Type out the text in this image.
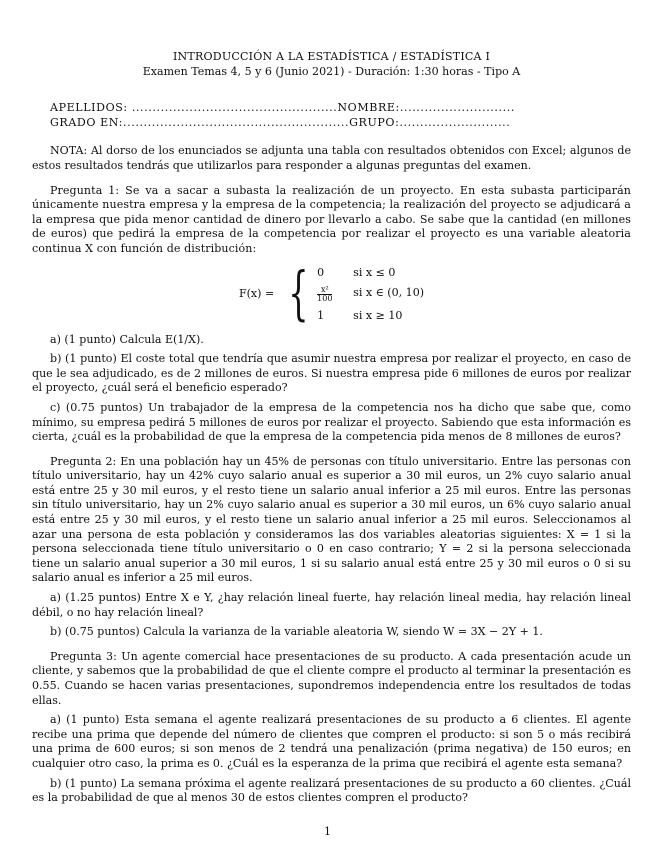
INTRODUCCIÓN A LA ESTADÍSTICA / ESTADÍSTICA I
Examen Temas 4, 5 y 6 (Junio 2021) - Duración: 1:30 horas - Tipo A
APELLIDOS: ..................................................NOMBRE:............................
GRADO EN:.......................................................GRUPO:...........................

NOTA: Al dorso de los enunciados se adjunta una tabla con resultados obtenidos con Excel; algunos de estos resultados tendrás que utilizarlos para responder a algunas preguntas del examen.

Pregunta 1: Se va a sacar a subasta la realización de un proyecto. En esta subasta participarán únicamente nuestra empresa y la empresa de la competencia; la realización del proyecto se adjudicará a la empresa que pida menor cantidad de dinero por llevarlo a cabo. Se sabe que la cantidad (en millones de euros) que pedirá la empresa de la competencia por realizar el proyecto es una variable aleatoria continua X con función de distribución:

F(x) = { 0	si x ≤ 0
$\frac{\text{x²}}{100}$ si x ∈ (0, 10)
1	si x ≥ 10

a) (1 punto) Calcula E(1/X).

b) (1 punto) El coste total que tendría que asumir nuestra empresa por realizar el proyecto, en caso de que le sea adjudicado, es de 2 millones de euros. Si nuestra empresa pide 6 millones de euros por realizar el proyecto, ¿cuál será el beneficio esperado?

c) (0.75 puntos) Un trabajador de la empresa de la competencia nos ha dicho que sabe que, como mínimo, su empresa pedirá 5 millones de euros por realizar el proyecto. Sabiendo que esta información es cierta, ¿cuál es la probabilidad de que la empresa de la competencia pida menos de 8 millones de euros?

Pregunta 2: En una población hay un 45% de personas con título universitario. Entre las personas con título universitario, hay un 42% cuyo salario anual es superior a 30 mil euros, un 2% cuyo salario anual está entre 25 y 30 mil euros, y el resto tiene un salario anual inferior a 25 mil euros. Entre las personas sin título universitario, hay un 2% cuyo salario anual es superior a 30 mil euros, un 6% cuyo salario anual está entre 25 y 30 mil euros, y el resto tiene un salario anual inferior a 25 mil euros. Seleccionamos al azar una persona de esta población y consideramos las dos variables aleatorias siguientes: X = 1 si la persona seleccionada tiene título universitario o 0 en caso contrario; Y = 2 si la persona seleccionada tiene un salario anual superior a 30 mil euros, 1 si su salario anual está entre 25 y 30 mil euros o 0 si su salario anual es inferior a 25 mil euros.

a) (1.25 puntos) Entre X e Y, ¿hay relación lineal fuerte, hay relación lineal media, hay relación lineal débil, o no hay relación lineal?

b) (0.75 puntos) Calcula la varianza de la variable aleatoria W, siendo W = 3X − 2Y + 1.

Pregunta 3: Un agente comercial hace presentaciones de su producto. A cada presentación acude un cliente, y sabemos que la probabilidad de que el cliente compre el producto al terminar la presentación es 0.55. Cuando se hacen varias presentaciones, supondremos independencia entre los resultados de todas ellas.

a) (1 punto) Esta semana el agente realizará presentaciones de su producto a 6 clientes. El agente recibe una prima que depende del número de clientes que compren el producto: si son 5 o más recibirá una prima de 600 euros; si son menos de 2 tendrá una penalización (prima negativa) de 150 euros; en cualquier otro caso, la prima es 0. ¿Cuál es la esperanza de la prima que recibirá el agente esta semana?

b) (1 punto) La semana próxima el agente realizará presentaciones de su producto a 60 clientes. ¿Cuál es la probabilidad de que al menos 30 de estos clientes compren el producto?

1
